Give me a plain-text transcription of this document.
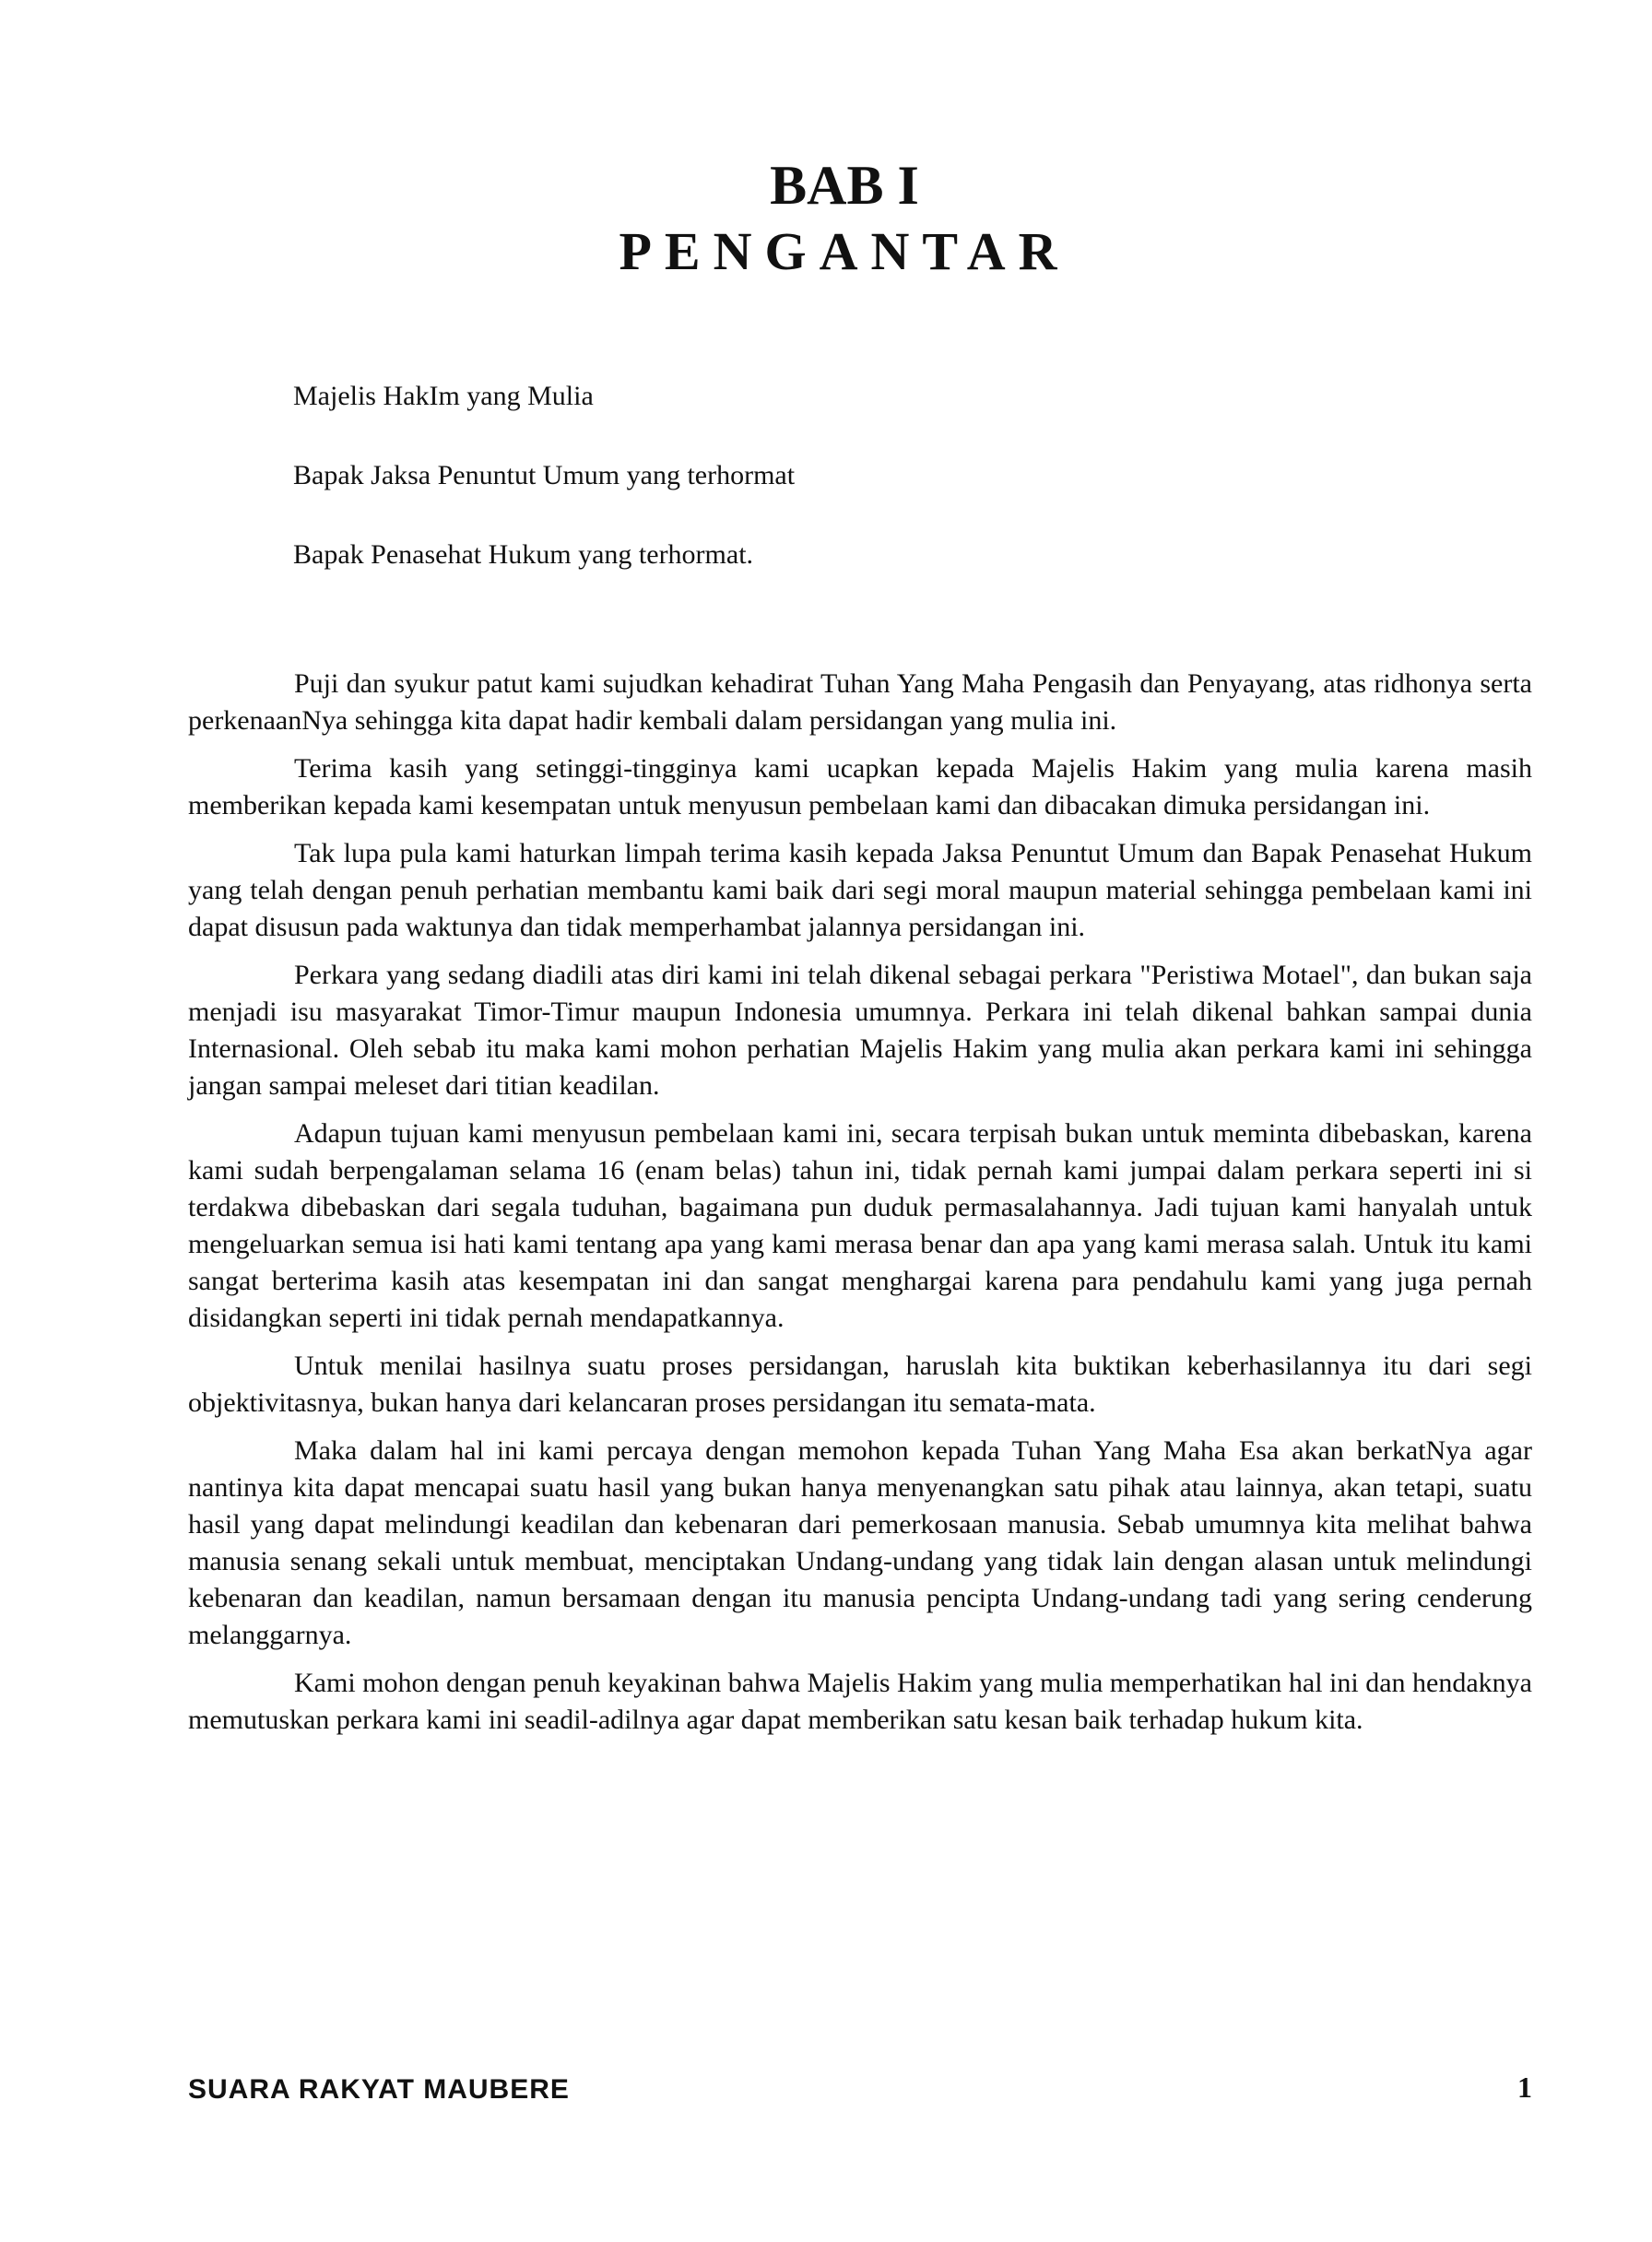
BAB I
PENGANTAR

Majelis HakIm yang Mulia

Bapak Jaksa Penuntut Umum yang terhormat

Bapak Penasehat Hukum yang terhormat.

Puji dan syukur patut kami sujudkan kehadirat Tuhan Yang Maha Pengasih dan Penyayang, atas ridhonya serta perkenaanNya sehingga kita dapat hadir kembali dalam persidangan yang mulia ini.

Terima kasih yang setinggi-tingginya kami ucapkan kepada Majelis Hakim yang mulia karena masih memberikan kepada kami kesempatan untuk menyusun pembelaan kami dan dibacakan dimuka persidangan ini.

Tak lupa pula kami haturkan limpah terima kasih kepada Jaksa Penuntut Umum dan Bapak Penasehat Hukum yang telah dengan penuh perhatian membantu kami baik dari segi moral maupun material sehingga pembelaan kami ini dapat disusun pada waktunya dan tidak memperhambat jalannya persidangan ini.

Perkara yang sedang diadili atas diri kami ini telah dikenal sebagai perkara "Peristiwa Motael", dan bukan saja menjadi isu masyarakat Timor-Timur maupun Indonesia umumnya. Perkara ini telah dikenal bahkan sampai dunia Internasional. Oleh sebab itu maka kami mohon perhatian Majelis Hakim yang mulia akan perkara kami ini sehingga jangan sampai meleset dari titian keadilan.

Adapun tujuan kami menyusun pembelaan kami ini, secara terpisah bukan untuk meminta dibebaskan, karena kami sudah berpengalaman selama 16 (enam belas) tahun ini, tidak pernah kami jumpai dalam perkara seperti ini si terdakwa dibebaskan dari segala tuduhan, bagaimana pun duduk permasalahannya. Jadi tujuan kami hanyalah untuk mengeluarkan semua isi hati kami tentang apa yang kami merasa benar dan apa yang kami merasa salah. Untuk itu kami sangat berterima kasih atas kesempatan ini dan sangat menghargai karena para pendahulu kami yang juga pernah disidangkan seperti ini tidak pernah mendapatkannya.

Untuk menilai hasilnya suatu proses persidangan, haruslah kita buktikan keberhasilannya itu dari segi objektivitasnya, bukan hanya dari kelancaran proses persidangan itu semata-mata.

Maka dalam hal ini kami percaya dengan memohon kepada Tuhan Yang Maha Esa akan berkatNya agar nantinya kita dapat mencapai suatu hasil yang bukan hanya menyenangkan satu pihak atau lainnya, akan tetapi, suatu hasil yang dapat melindungi keadilan dan kebenaran dari pemerkosaan manusia. Sebab umumnya kita melihat bahwa manusia senang sekali untuk membuat, menciptakan Undang-undang yang tidak lain dengan alasan untuk melindungi kebenaran dan keadilan, namun bersamaan dengan itu manusia pencipta Undang-undang tadi yang sering cenderung melanggarnya.

Kami mohon dengan penuh keyakinan bahwa Majelis Hakim yang mulia memperhatikan hal ini dan hendaknya memutuskan perkara kami ini seadil-adilnya agar dapat memberikan satu kesan baik terhadap hukum kita.

SUARA RAKYAT MAUBERE	1
